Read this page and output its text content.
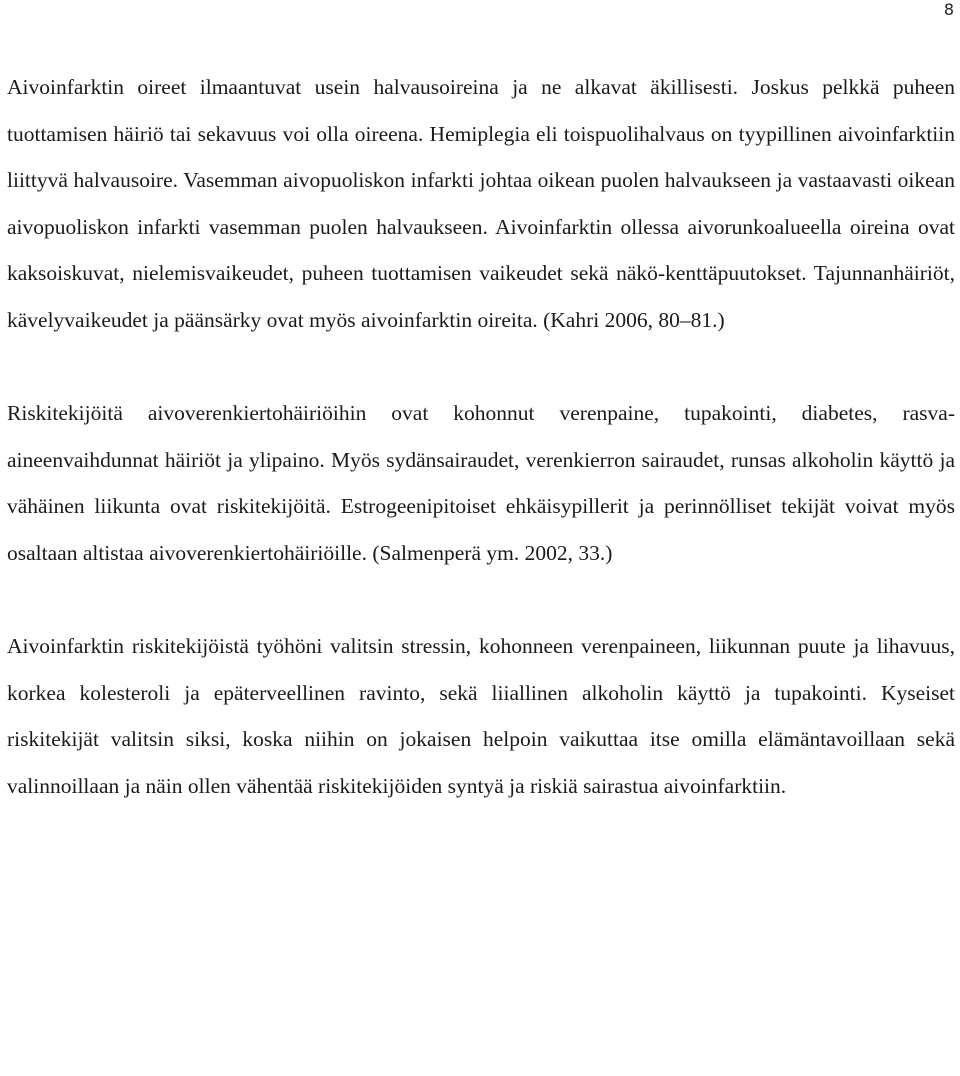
8

Aivoinfarktin oireet ilmaantuvat usein halvausoireina ja ne alkavat äkillisesti. Joskus pelkkä puheen tuottamisen häiriö tai sekavuus voi olla oireena. Hemiplegia eli toispuolihalvaus on tyypillinen aivoinfarktiin liittyvä halvausoire. Vasemman aivopuoliskon infarkti johtaa oikean puolen halvaukseen ja vastaavasti oikean aivopuoliskon infarkti vasemman puolen halvaukseen. Aivoinfarktin ollessa aivorunkoalueella oireina ovat kaksoiskuvat, nielemisvaikeudet, puheen tuottamisen vaikeudet sekä näkö-kenttäpuutokset. Tajunnanhäiriöt, kävelyvaikeudet ja päänsärky ovat myös aivoinfarktin oireita. (Kahri 2006, 80–81.)

Riskitekijöitä aivoverenkiertohäiriöihin ovat kohonnut verenpaine, tupakointi, diabetes, rasva-aineenvaihdunnat häiriöt ja ylipaino. Myös sydänsairaudet, verenkierron sairaudet, runsas alkoholin käyttö ja vähäinen liikunta ovat riskitekijöitä. Estrogeenipitoiset ehkäisypillerit ja perinnölliset tekijät voivat myös osaltaan altistaa aivoverenkiertohäiriöille. (Salmenperä ym. 2002, 33.)

Aivoinfarktin riskitekijöistä työhöni valitsin stressin, kohonneen verenpaineen, liikunnan puute ja lihavuus, korkea kolesteroli ja epäterveellinen ravinto, sekä liiallinen alkoholin käyttö ja tupakointi. Kyseiset riskitekijät valitsin siksi, koska niihin on jokaisen helpoin vaikuttaa itse omilla elämäntavoillaan sekä valinnoillaan ja näin ollen vähentää riskitekijöiden syntyä ja riskiä sairastua aivoinfarktiin.
